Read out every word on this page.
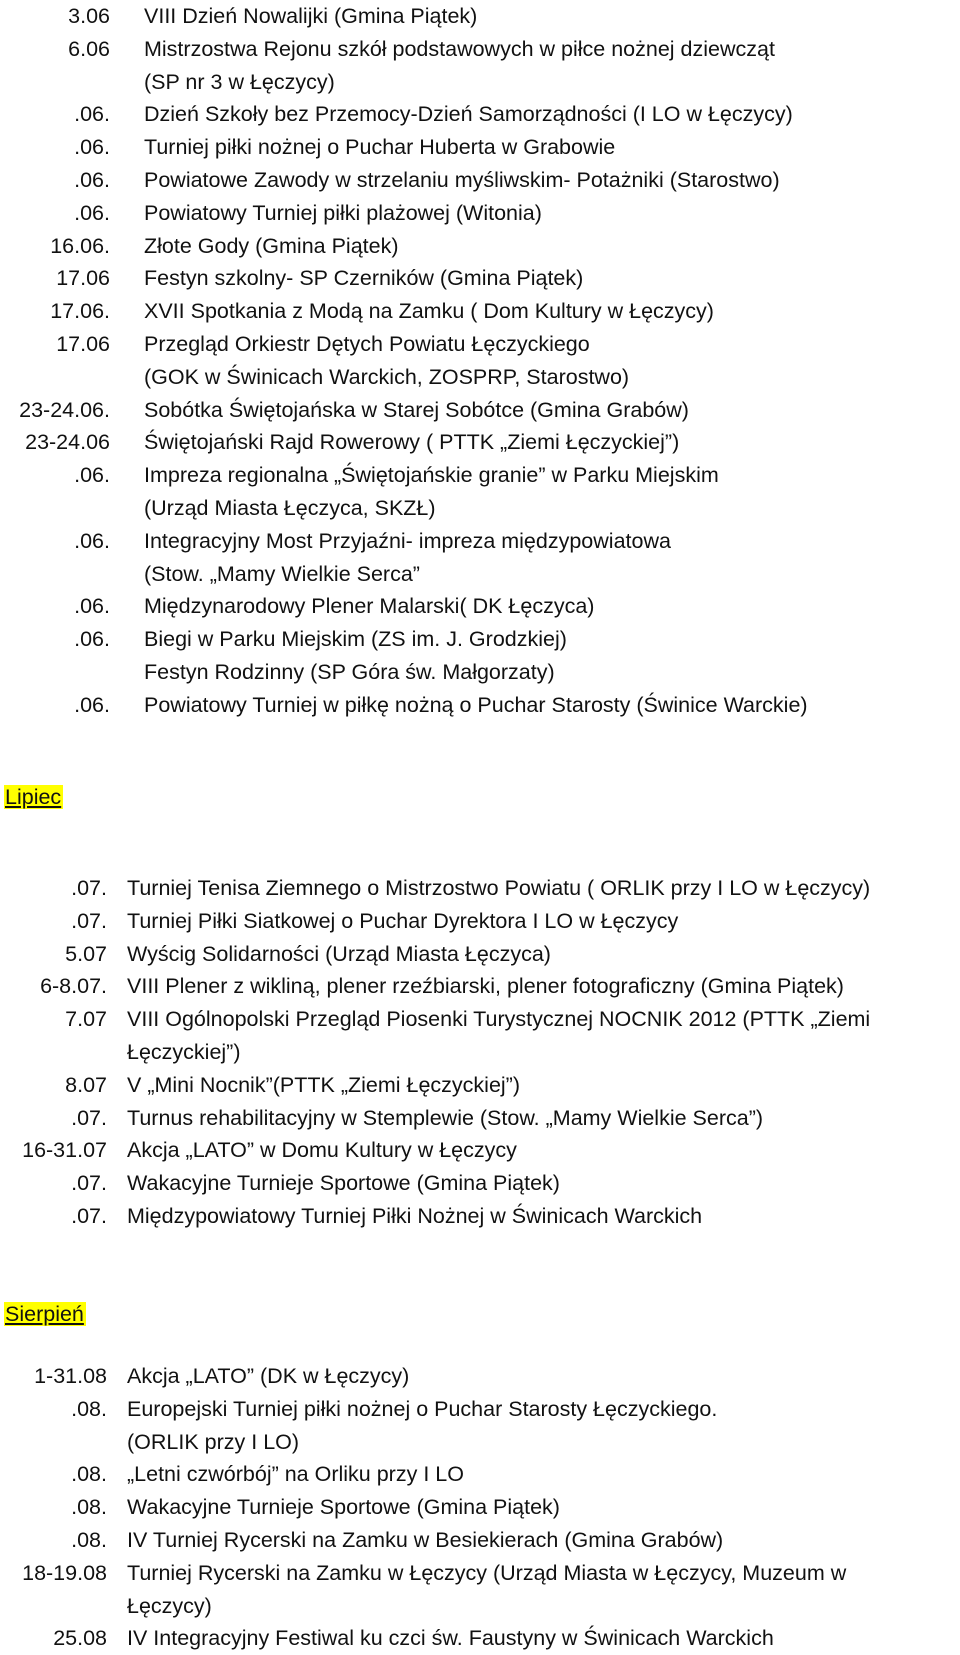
3.06 VIII Dzień Nowalijki (Gmina Piątek)
6.06 Mistrzostwa Rejonu szkół podstawowych w piłce nożnej dziewcząt
(SP nr 3 w Łęczycy)
.06. Dzień Szkoły bez Przemocy-Dzień Samorządności (I LO w Łęczycy)
.06. Turniej piłki nożnej o Puchar Huberta w Grabowie
.06. Powiatowe Zawody w strzelaniu myśliwskim- Potażniki (Starostwo)
.06. Powiatowy Turniej piłki plażowej (Witonia)
16.06. Złote Gody (Gmina Piątek)
17.06 Festyn szkolny- SP Czerników (Gmina Piątek)
17.06. XVII Spotkania z Modą na Zamku ( Dom Kultury w Łęczycy)
17.06 Przegląd Orkiestr Dętych Powiatu Łęczyckiego
(GOK w Świnicach Warckich, ZOSPRP, Starostwo)
23-24.06. Sobótka Świętojańska w Starej Sobótce (Gmina Grabów)
23-24.06 Świętojański Rajd Rowerowy ( PTTK „Ziemi Łęczyckiej”)
.06. Impreza regionalna „Świętojańskie granie” w Parku Miejskim
(Urząd Miasta Łęczyca, SKZŁ)
.06. Integracyjny Most Przyjaźni- impreza międzypowiatowa
(Stow. „Mamy Wielkie Serca”
.06. Międzynarodowy Plener Malarski( DK Łęczyca)
.06. Biegi w Parku Miejskim (ZS im. J. Grodzkiej)
Festyn Rodzinny (SP Góra św. Małgorzaty)
.06. Powiatowy Turniej w piłkę nożną o Puchar Starosty (Świnice Warckie)
Lipiec
.07. Turniej Tenisa Ziemnego o Mistrzostwo Powiatu ( ORLIK przy I LO w Łęczycy)
.07. Turniej Piłki Siatkowej o Puchar Dyrektora I LO w Łęczycy
5.07 Wyścig Solidarności (Urząd Miasta Łęczyca)
6-8.07. VIII Plener z wikliną, plener rzeźbiarski, plener fotograficzny (Gmina Piątek)
7.07 VIII Ogólnopolski Przegląd Piosenki Turystycznej NOCNIK 2012 (PTTK „Ziemi
Łęczyckiej”)
8.07 V „Mini Nocnik”(PTTK „Ziemi Łęczyckiej”)
.07. Turnus rehabilitacyjny w Stemplewie (Stow. „Mamy Wielkie Serca”)
16-31.07 Akcja „LATO” w Domu Kultury w Łęczycy
.07. Wakacyjne Turnieje Sportowe (Gmina Piątek)
.07. Międzypowiatowy Turniej Piłki Nożnej w Świnicach Warckich
Sierpień
1-31.08 Akcja „LATO” (DK w Łęczycy)
.08. Europejski Turniej piłki nożnej o Puchar Starosty Łęczyckiego.
(ORLIK przy I LO)
.08. „Letni czwórbój” na Orliku przy I LO
.08. Wakacyjne Turnieje Sportowe (Gmina Piątek)
.08. IV Turniej Rycerski na Zamku w Besiekierach (Gmina Grabów)
18-19.08 Turniej Rycerski na Zamku w Łęczycy (Urząd Miasta w Łęczycy, Muzeum w
Łęczycy)
25.08 IV Integracyjny Festiwal ku czci św. Faustyny w Świnicach Warckich
